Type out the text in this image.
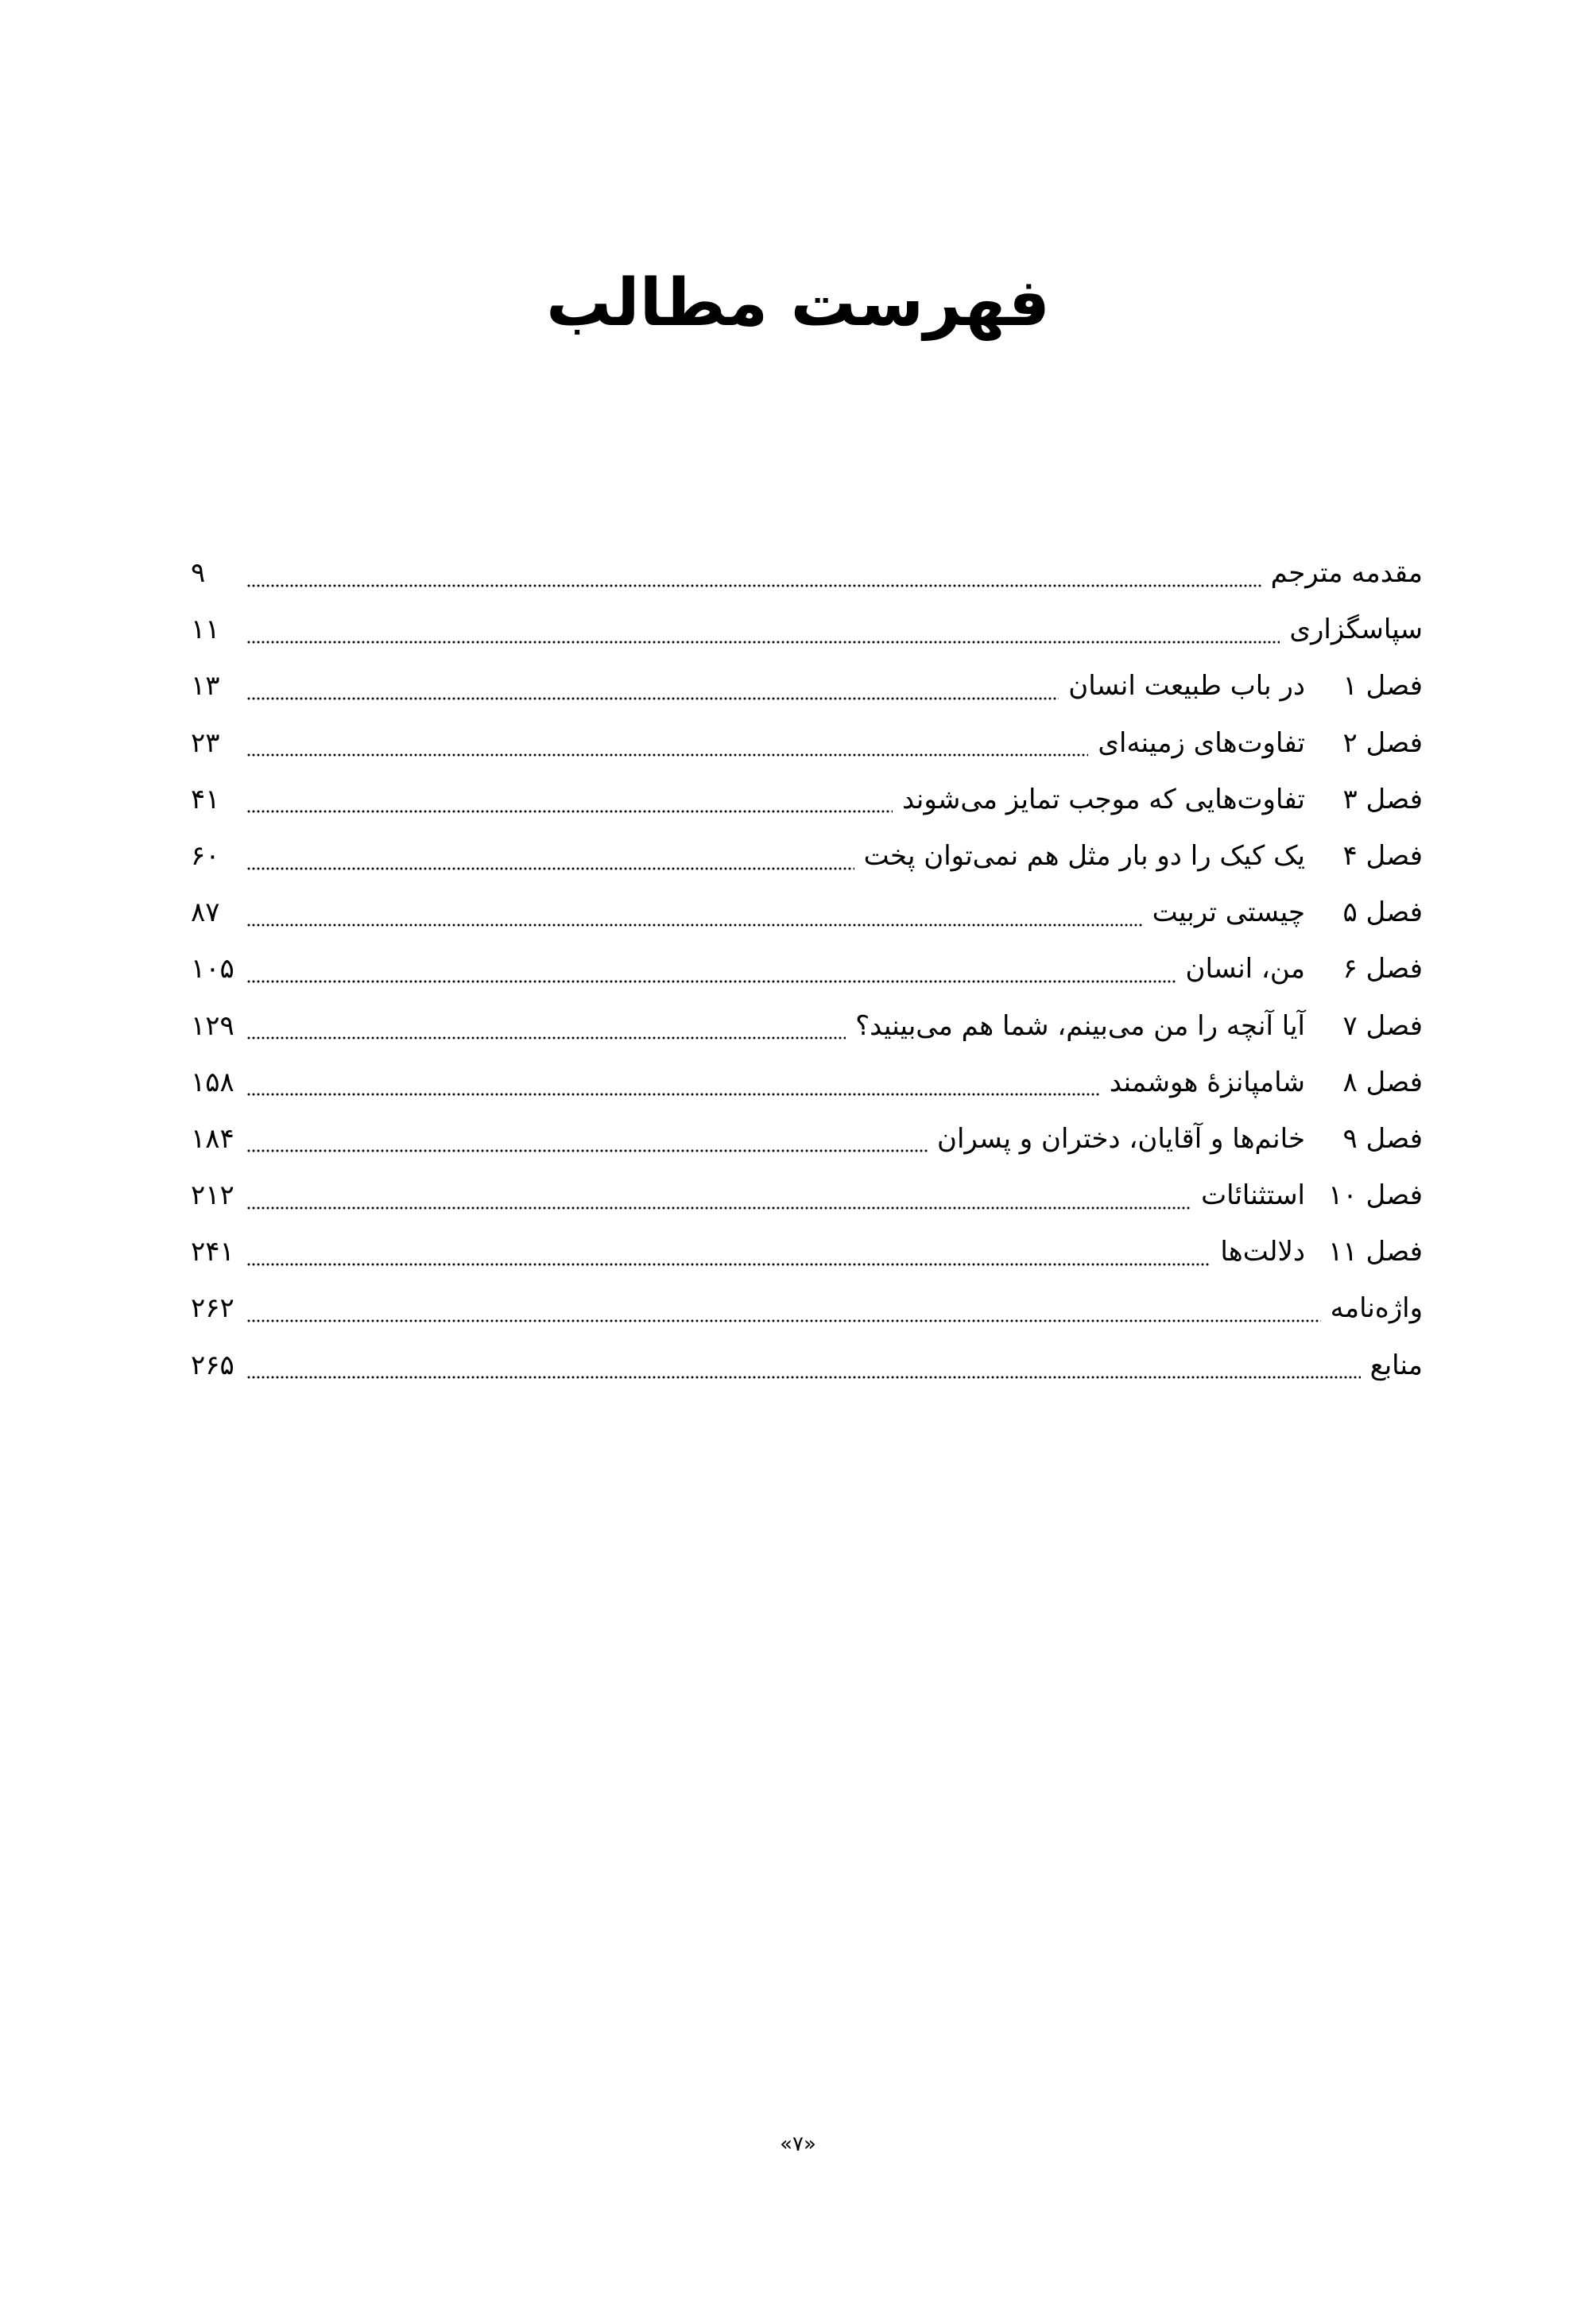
فهرست مطالب
مقدمه مترجم
۹
سپاسگزاری
۱۱
فصل ۱
در باب طبیعت انسان
۱۳
فصل ۲
تفاوت‌های زمینه‌ای
۲۳
فصل ۳
تفاوت‌هایی که موجب تمایز می‌شوند
۴۱
فصل ۴
یک کیک را دو بار مثل هم نمی‌توان پخت
۶۰
فصل ۵
چیستی تربیت
۸۷
فصل ۶
من، انسان
۱۰۵
فصل ۷
آیا آنچه را من می‌بینم، شما هم می‌بینید؟
۱۲۹
فصل ۸
شامپانزۀ هوشمند
۱۵۸
فصل ۹
خانم‌ها و آقایان، دختران و پسران
۱۸۴
فصل ۱۰
استثنائات
۲۱۲
فصل ۱۱
دلالت‌ها
۲۴۱
واژه‌نامه
۲۶۲
منابع
۲۶۵
«۷»
